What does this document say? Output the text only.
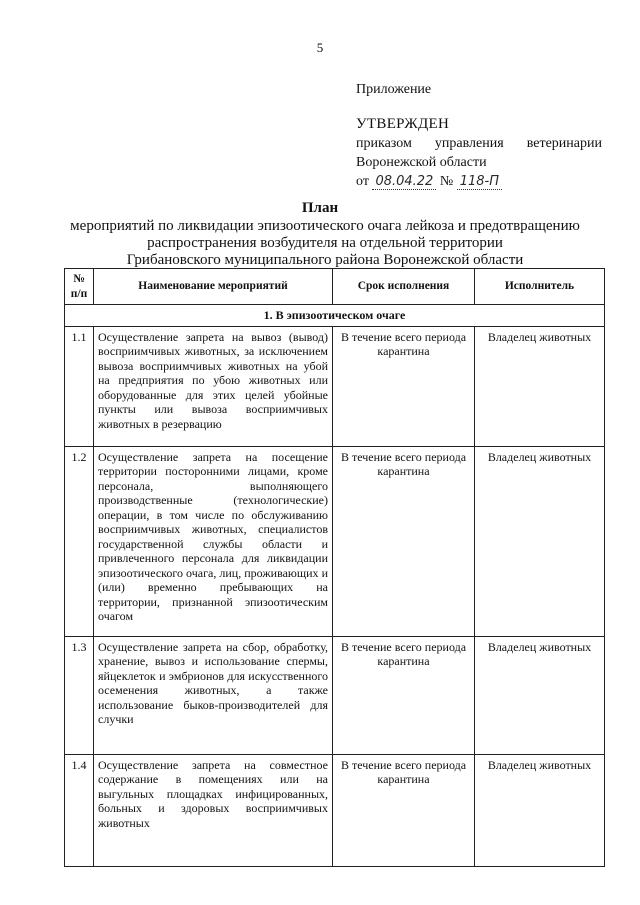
5
Приложение
УТВЕРЖДЕН
приказом управления ветеринарии
Воронежской области
от 08.04.22 № 118-П
План
мероприятий по ликвидации эпизоотического очага лейкоза и предотвращению
распространения возбудителя на отдельной территории
Грибановского муниципального района Воронежской области
№ п/п	Наименование мероприятий	Срок исполнения	Исполнитель
1. В эпизоотическом очаге			
1.1	Осуществление запрета на вывоз (вывод) восприимчивых животных, за исключением вывоза восприимчивых животных на убой на предприятия по убою животных или оборудованные для этих целей убойные пункты или вывоза восприимчивых животных в резервацию	В течение всего периода карантина	Владелец животных
1.2	Осуществление запрета на посещение территории посторонними лицами, кроме персонала, выполняющего производственные (технологические) операции, в том числе по обслуживанию восприимчивых животных, специалистов государственной службы области и привлеченного персонала для ликвидации эпизоотического очага, лиц, проживающих и (или) временно пребывающих на территории, признанной эпизоотическим очагом	В течение всего периода карантина	Владелец животных
1.3	Осуществление запрета на сбор, обработку, хранение, вывоз и использование спермы, яйцеклеток и эмбрионов для искусственного осеменения животных, а также использование быков-производителей для случки	В течение всего периода карантина	Владелец животных
1.4	Осуществление запрета на совместное содержание в помещениях или на выгульных площадках инфицированных, больных и здоровых восприимчивых животных	В течение всего периода карантина	Владелец животных
